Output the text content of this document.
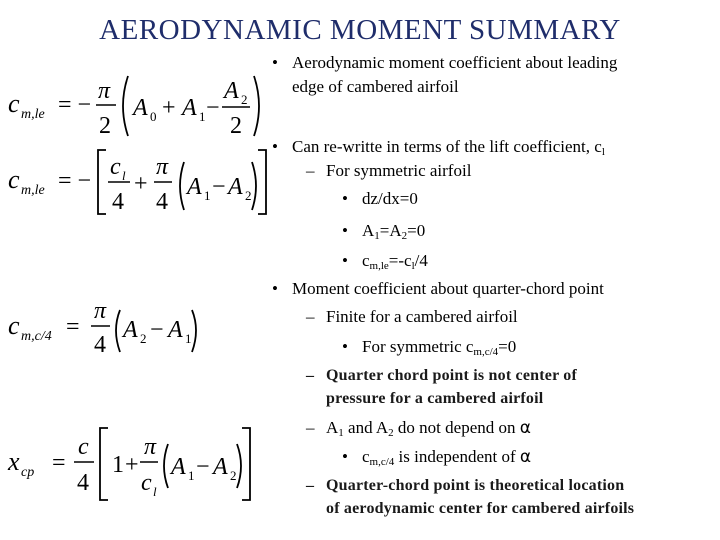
AERODYNAMIC MOMENT SUMMARY
c m,le = −
π
2
A 0 + A 1 −
A 2
2
c m,le = −
c l
4
+
π
4
A 1 − A 2
c m,c/4 =
π
4
A 2 − A 1
x cp =
c
4
1 +
π
c l
A 1 − A 2
• Aerodynamic moment coefficient about leading
edge of cambered airfoil
• Can re-writte in terms of the lift coefficient, $c_l$
– For symmetric airfoil
• dz/dx=0
• $A_1=A_2=0$
• $c_{m,le}=-c_l/4$
• Moment coefficient about quarter-chord point
– Finite for a cambered airfoil
• For symmetric $c_{m,c/4}=0$
– Quarter chord point is not center of
pressure for a cambered airfoil
– $A_1$ and $A_2$ do not depend on α
• $c_{m,c/4}$ is independent of α
– Quarter-chord point is theoretical location
of aerodynamic center for cambered airfoils
